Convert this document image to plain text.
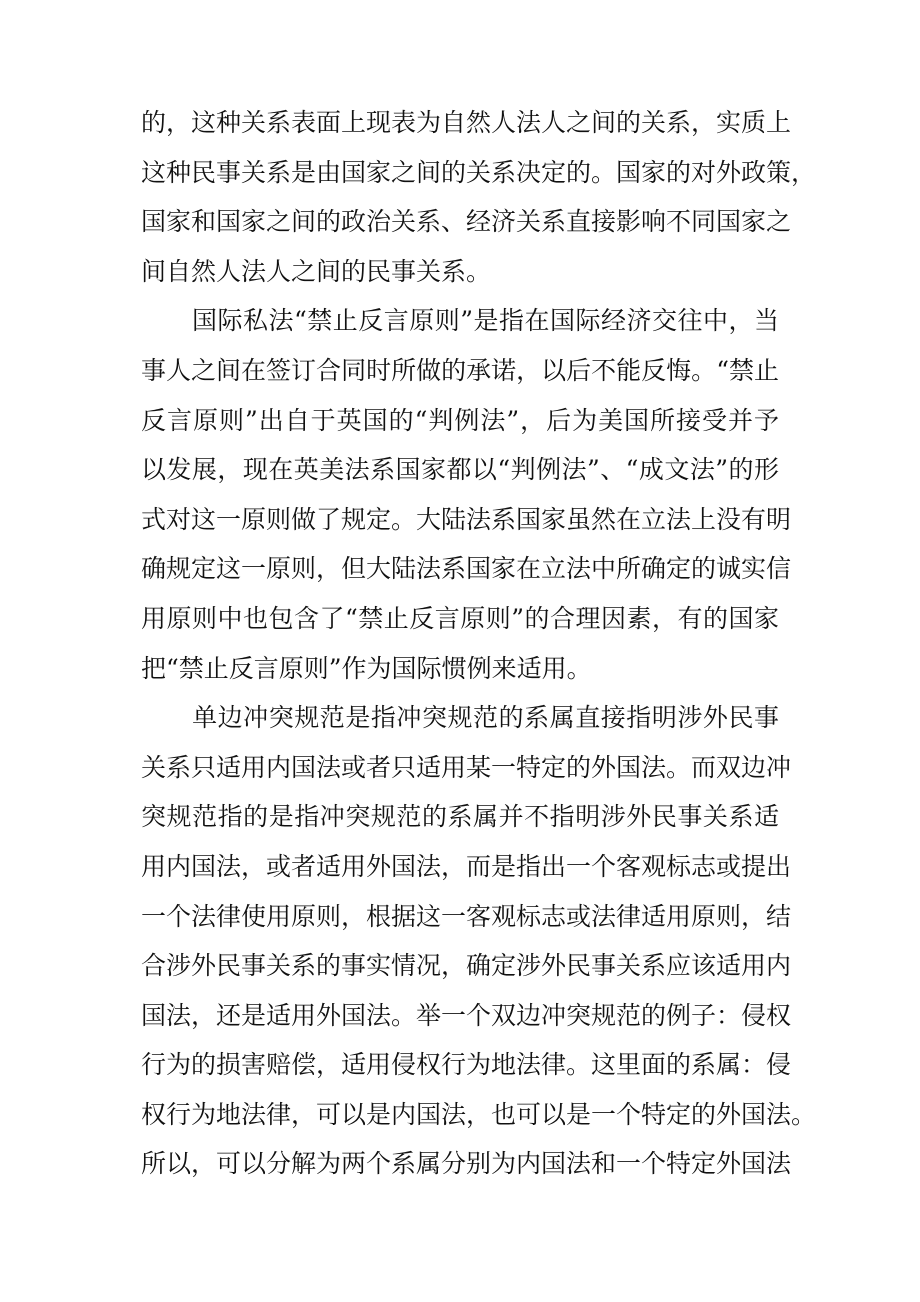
的，这种关系表面上现表为自然人法人之间的关系，实质上
这种民事关系是由国家之间的关系决定的。国家的对外政策，
国家和国家之间的政治关系、经济关系直接影响不同国家之
间自然人法人之间的民事关系。
　　国际私法“禁止反言原则”是指在国际经济交往中，当
事人之间在签订合同时所做的承诺，以后不能反悔。“禁止
反言原则”出自于英国的“判例法”，后为美国所接受并予
以发展，现在英美法系国家都以“判例法”、“成文法”的形
式对这一原则做了规定。大陆法系国家虽然在立法上没有明
确规定这一原则，但大陆法系国家在立法中所确定的诚实信
用原则中也包含了“禁止反言原则”的合理因素，有的国家
把“禁止反言原则”作为国际惯例来适用。
　　单边冲突规范是指冲突规范的系属直接指明涉外民事
关系只适用内国法或者只适用某一特定的外国法。而双边冲
突规范指的是指冲突规范的系属并不指明涉外民事关系适
用内国法，或者适用外国法，而是指出一个客观标志或提出
一个法律使用原则，根据这一客观标志或法律适用原则，结
合涉外民事关系的事实情况，确定涉外民事关系应该适用内
国法，还是适用外国法。举一个双边冲突规范的例子：侵权
行为的损害赔偿，适用侵权行为地法律。这里面的系属：侵
权行为地法律，可以是内国法，也可以是一个特定的外国法。
所以，可以分解为两个系属分别为内国法和一个特定外国法
